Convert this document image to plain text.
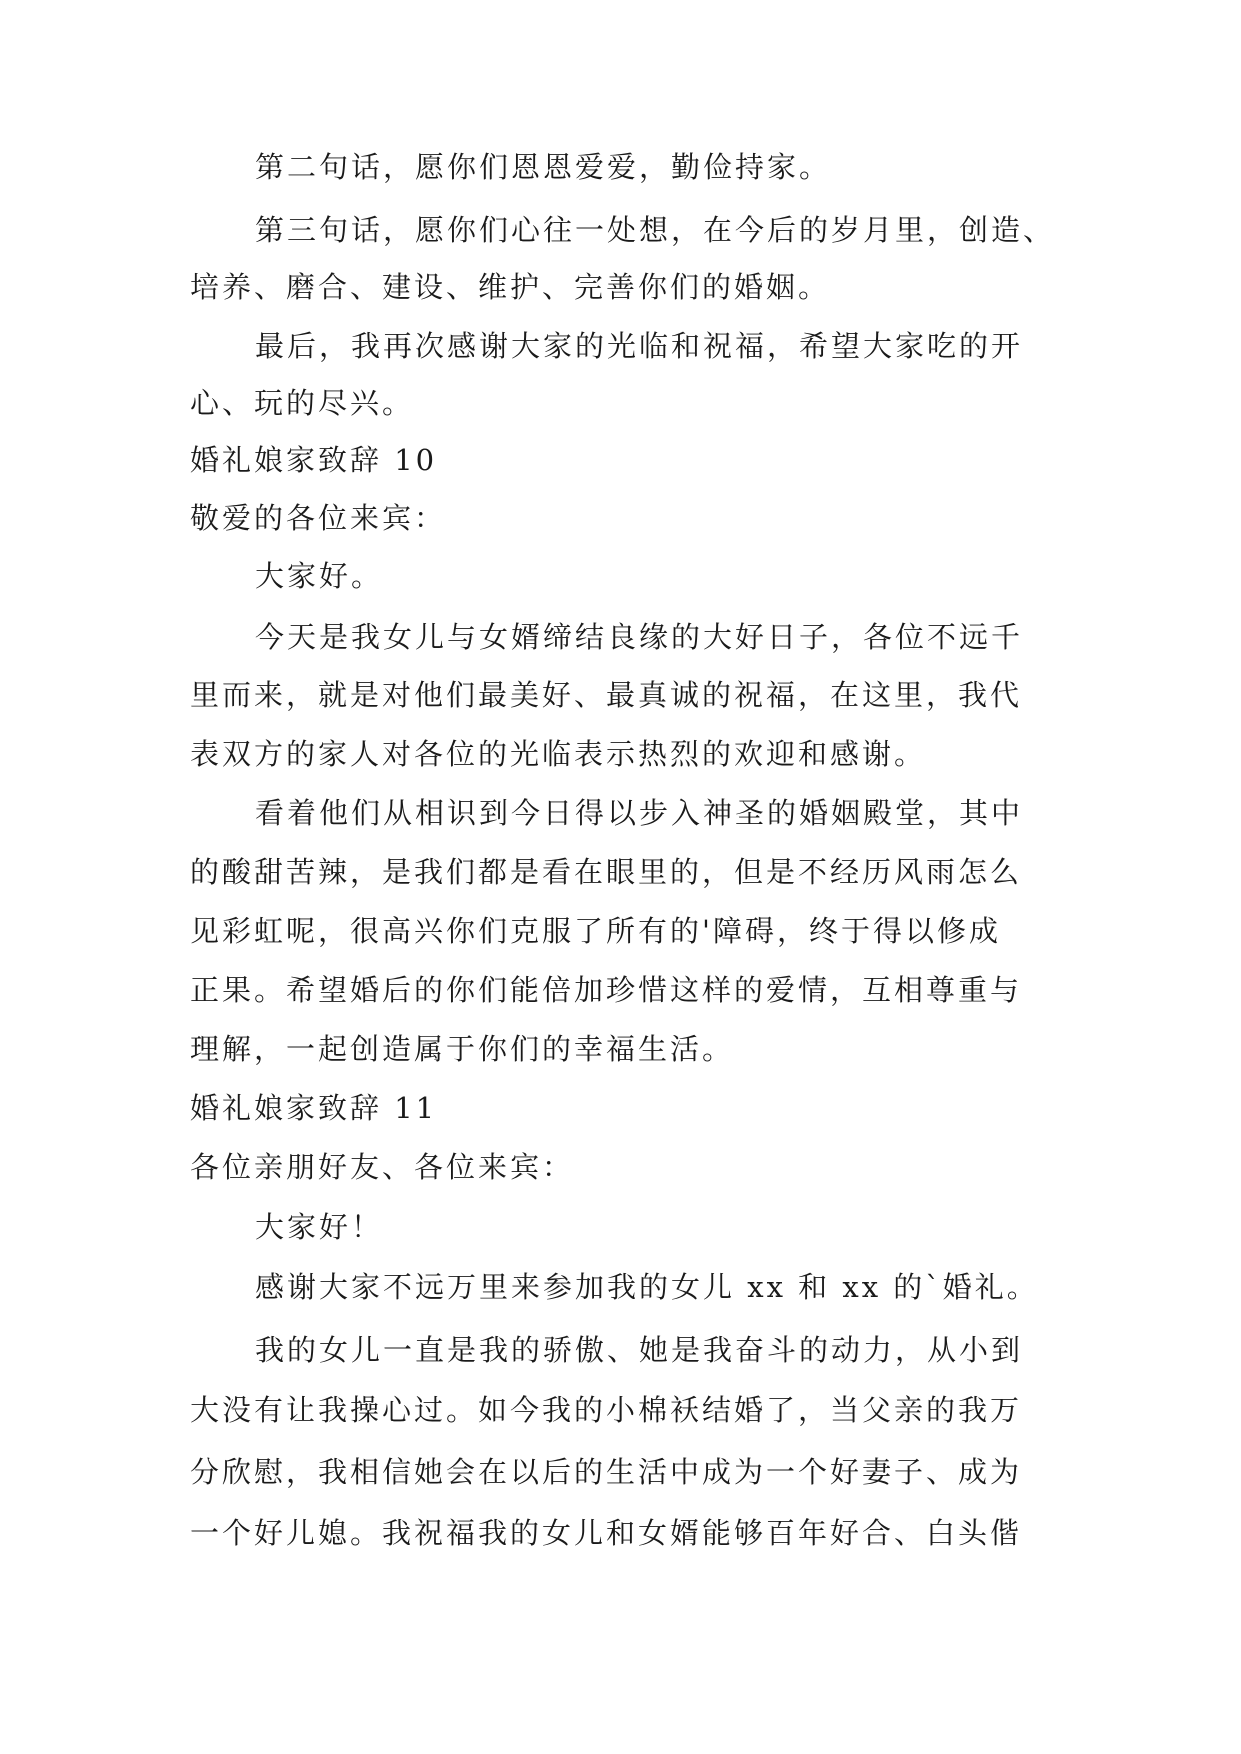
第二句话，愿你们恩恩爱爱，勤俭持家。
第三句话，愿你们心往一处想，在今后的岁月里，创造、
培养、磨合、建设、维护、完善你们的婚姻。
最后，我再次感谢大家的光临和祝福，希望大家吃的开
心、玩的尽兴。
婚礼娘家致辞 10
敬爱的各位来宾：
大家好。
今天是我女儿与女婿缔结良缘的大好日子，各位不远千
里而来，就是对他们最美好、最真诚的祝福，在这里，我代
表双方的家人对各位的光临表示热烈的欢迎和感谢。
看着他们从相识到今日得以步入神圣的婚姻殿堂，其中
的酸甜苦辣，是我们都是看在眼里的，但是不经历风雨怎么
见彩虹呢，很高兴你们克服了所有的'障碍，终于得以修成
正果。希望婚后的你们能倍加珍惜这样的爱情，互相尊重与
理解，一起创造属于你们的幸福生活。
婚礼娘家致辞 11
各位亲朋好友、各位来宾：
大家好！
感谢大家不远万里来参加我的女儿 xx 和 xx 的`婚礼。
我的女儿一直是我的骄傲、她是我奋斗的动力，从小到
大没有让我操心过。如今我的小棉袄结婚了，当父亲的我万
分欣慰，我相信她会在以后的生活中成为一个好妻子、成为
一个好儿媳。我祝福我的女儿和女婿能够百年好合、白头偕
